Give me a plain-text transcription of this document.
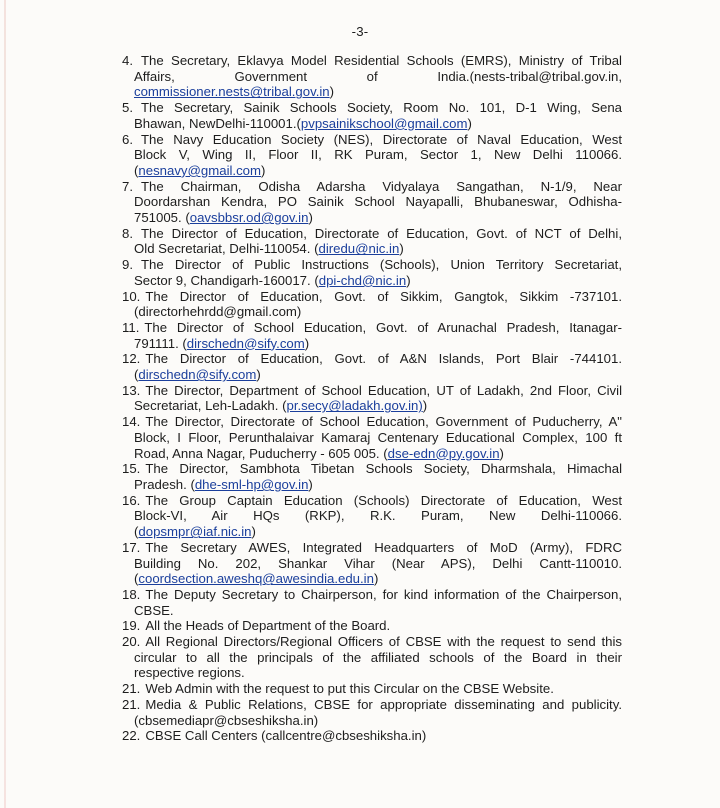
-3-
4. The Secretary, Eklavya Model Residential Schools (EMRS), Ministry of Tribal
Affairs, Government of India.(nests-tribal@tribal.gov.in,
commissioner.nests@tribal.gov.in)
5. The Secretary, Sainik Schools Society, Room No. 101, D-1 Wing, Sena
Bhawan, NewDelhi-110001.(pvpsainikschool@gmail.com)
6. The Navy Education Society (NES), Directorate of Naval Education, West
Block V, Wing II, Floor II, RK Puram, Sector 1, New Delhi 110066.
(nesnavy@gmail.com)
7. The Chairman, Odisha Adarsha Vidyalaya Sangathan, N-1/9, Near
Doordarshan Kendra, PO Sainik School Nayapalli, Bhubaneswar, Odhisha-
751005. (oavsbbsr.od@gov.in)
8. The Director of Education, Directorate of Education, Govt. of NCT of Delhi,
Old Secretariat, Delhi-110054. (diredu@nic.in)
9. The Director of Public Instructions (Schools), Union Territory Secretariat,
Sector 9, Chandigarh-160017. (dpi-chd@nic.in)
10. The Director of Education, Govt. of Sikkim, Gangtok, Sikkim -737101.
(directorhehrdd@gmail.com)
11. The Director of School Education, Govt. of Arunachal Pradesh, Itanagar-
791111. (dirschedn@sify.com)
12. The Director of Education, Govt. of A&N Islands, Port Blair -744101.
(dirschedn@sify.com)
13. The Director, Department of School Education, UT of Ladakh, 2nd Floor, Civil
Secretariat, Leh-Ladakh. (pr.secy@ladakh.gov.in))
14. The Director, Directorate of School Education, Government of Puducherry, A"
Block, I Floor, Perunthalaivar Kamaraj Centenary Educational Complex, 100 ft
Road, Anna Nagar, Puducherry - 605 005. (dse-edn@py.gov.in)
15. The Director, Sambhota Tibetan Schools Society, Dharmshala, Himachal
Pradesh. (dhe-sml-hp@gov.in)
16. The Group Captain Education (Schools) Directorate of Education, West
Block-VI, Air HQs (RKP), R.K. Puram, New Delhi-110066.
(dopsmpr@iaf.nic.in)
17. The Secretary AWES, Integrated Headquarters of MoD (Army), FDRC
Building No. 202, Shankar Vihar (Near APS), Delhi Cantt-110010.
(coordsection.aweshq@awesindia.edu.in)
18. The Deputy Secretary to Chairperson, for kind information of the Chairperson,
CBSE.
19. All the Heads of Department of the Board.
20. All Regional Directors/Regional Officers of CBSE with the request to send this
circular to all the principals of the affiliated schools of the Board in their
respective regions.
21. Web Admin with the request to put this Circular on the CBSE Website.
21. Media & Public Relations, CBSE for appropriate disseminating and publicity.
(cbsemediapr@cbseshiksha.in)
22. CBSE Call Centers (callcentre@cbseshiksha.in)
